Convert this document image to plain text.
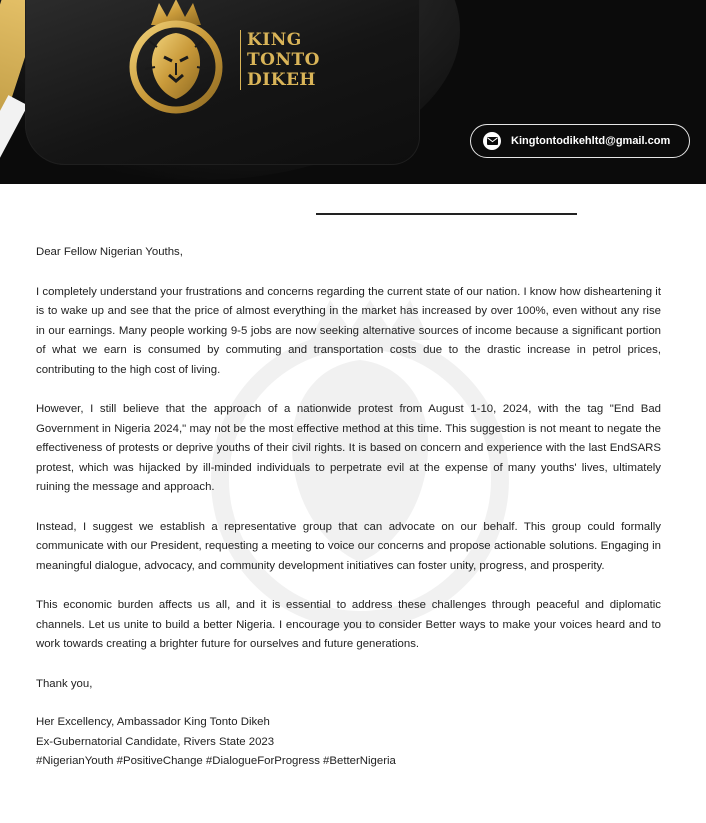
KING
TONTO
DIKEH
Kingtontodikehltd@gmail.com

Dear Fellow Nigerian Youths,

I completely understand your frustrations and concerns regarding the current state of our nation. I know how disheartening it is to wake up and see that the price of almost everything in the market has increased by over 100%, even without any rise in our earnings. Many people working 9-5 jobs are now seeking alternative sources of income because a significant portion of what we earn is consumed by commuting and transportation costs due to the drastic increase in petrol prices, contributing to the high cost of living.

However, I still believe that the approach of a nationwide protest from August 1-10, 2024, with the tag "End Bad Government in Nigeria 2024," may not be the most effective method at this time. This suggestion is not meant to negate the effectiveness of protests or deprive youths of their civil rights. It is based on concern and experience with the last EndSARS protest, which was hijacked by ill-minded individuals to perpetrate evil at the expense of many youths' lives, ultimately ruining the message and approach.

Instead, I suggest we establish a representative group that can advocate on our behalf. This group could formally communicate with our President, requesting a meeting to voice our concerns and propose actionable solutions. Engaging in meaningful dialogue, advocacy, and community development initiatives can foster unity, progress, and prosperity.

This economic burden affects us all, and it is essential to address these challenges through peaceful and diplomatic channels. Let us unite to build a better Nigeria. I encourage you to consider Better ways to make your voices heard and to work towards creating a brighter future for ourselves and future generations.

Thank you,

Her Excellency, Ambassador King Tonto Dikeh
Ex-Gubernatorial Candidate, Rivers State 2023

#NigerianYouth #PositiveChange #DialogueForProgress #BetterNigeria
